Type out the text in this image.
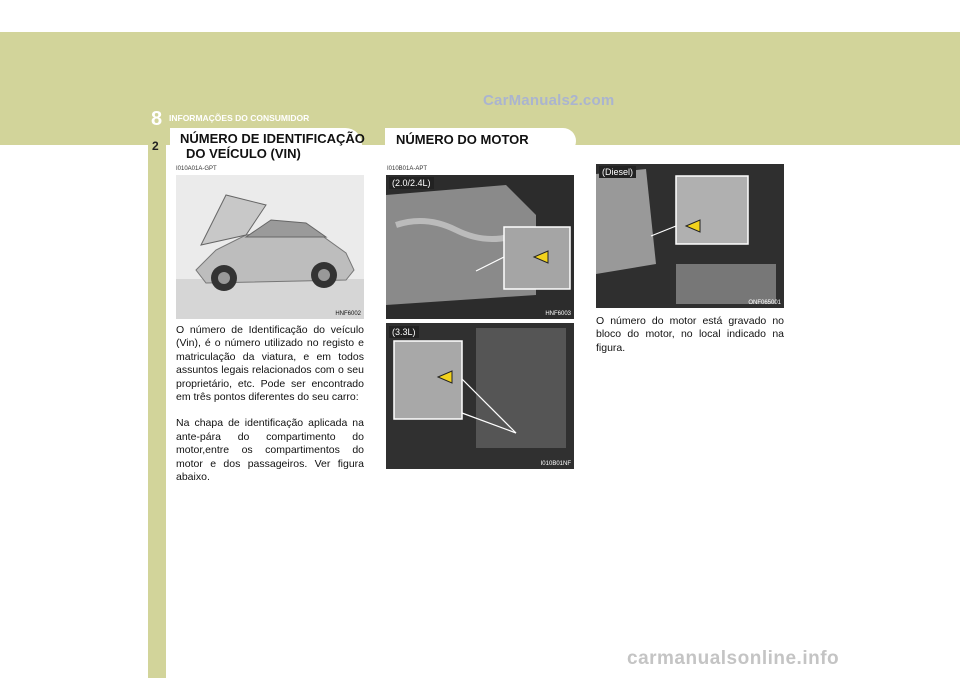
CarManuals2.com
8 INFORMAÇÕES DO CONSUMIDOR
2 NÚMERO DE IDENTIFICAÇÃO
DO VEÍCULO (VIN)
NÚMERO DO MOTOR
I010A01A-GPT	I010B01A-APT
HNF6002

O número de Identificação do veículo (Vin), é o número utilizado no registo e matriculação da viatura, e em todos assuntos legais relacionados com o seu proprietário, etc. Pode ser encontrado em três pontos diferentes do seu carro:

Na chapa de identificação aplicada na ante-pára do compartimento do motor,entre os compartimentos do motor e dos passageiros. Ver figura abaixo.

(2.0/2.4L)
HNF6003
(3.3L)
I010B01NF
(Diesel)
ONF065001
O número do motor está gravado no bloco do motor, no local indicado na figura.
carmanualsonline.info
